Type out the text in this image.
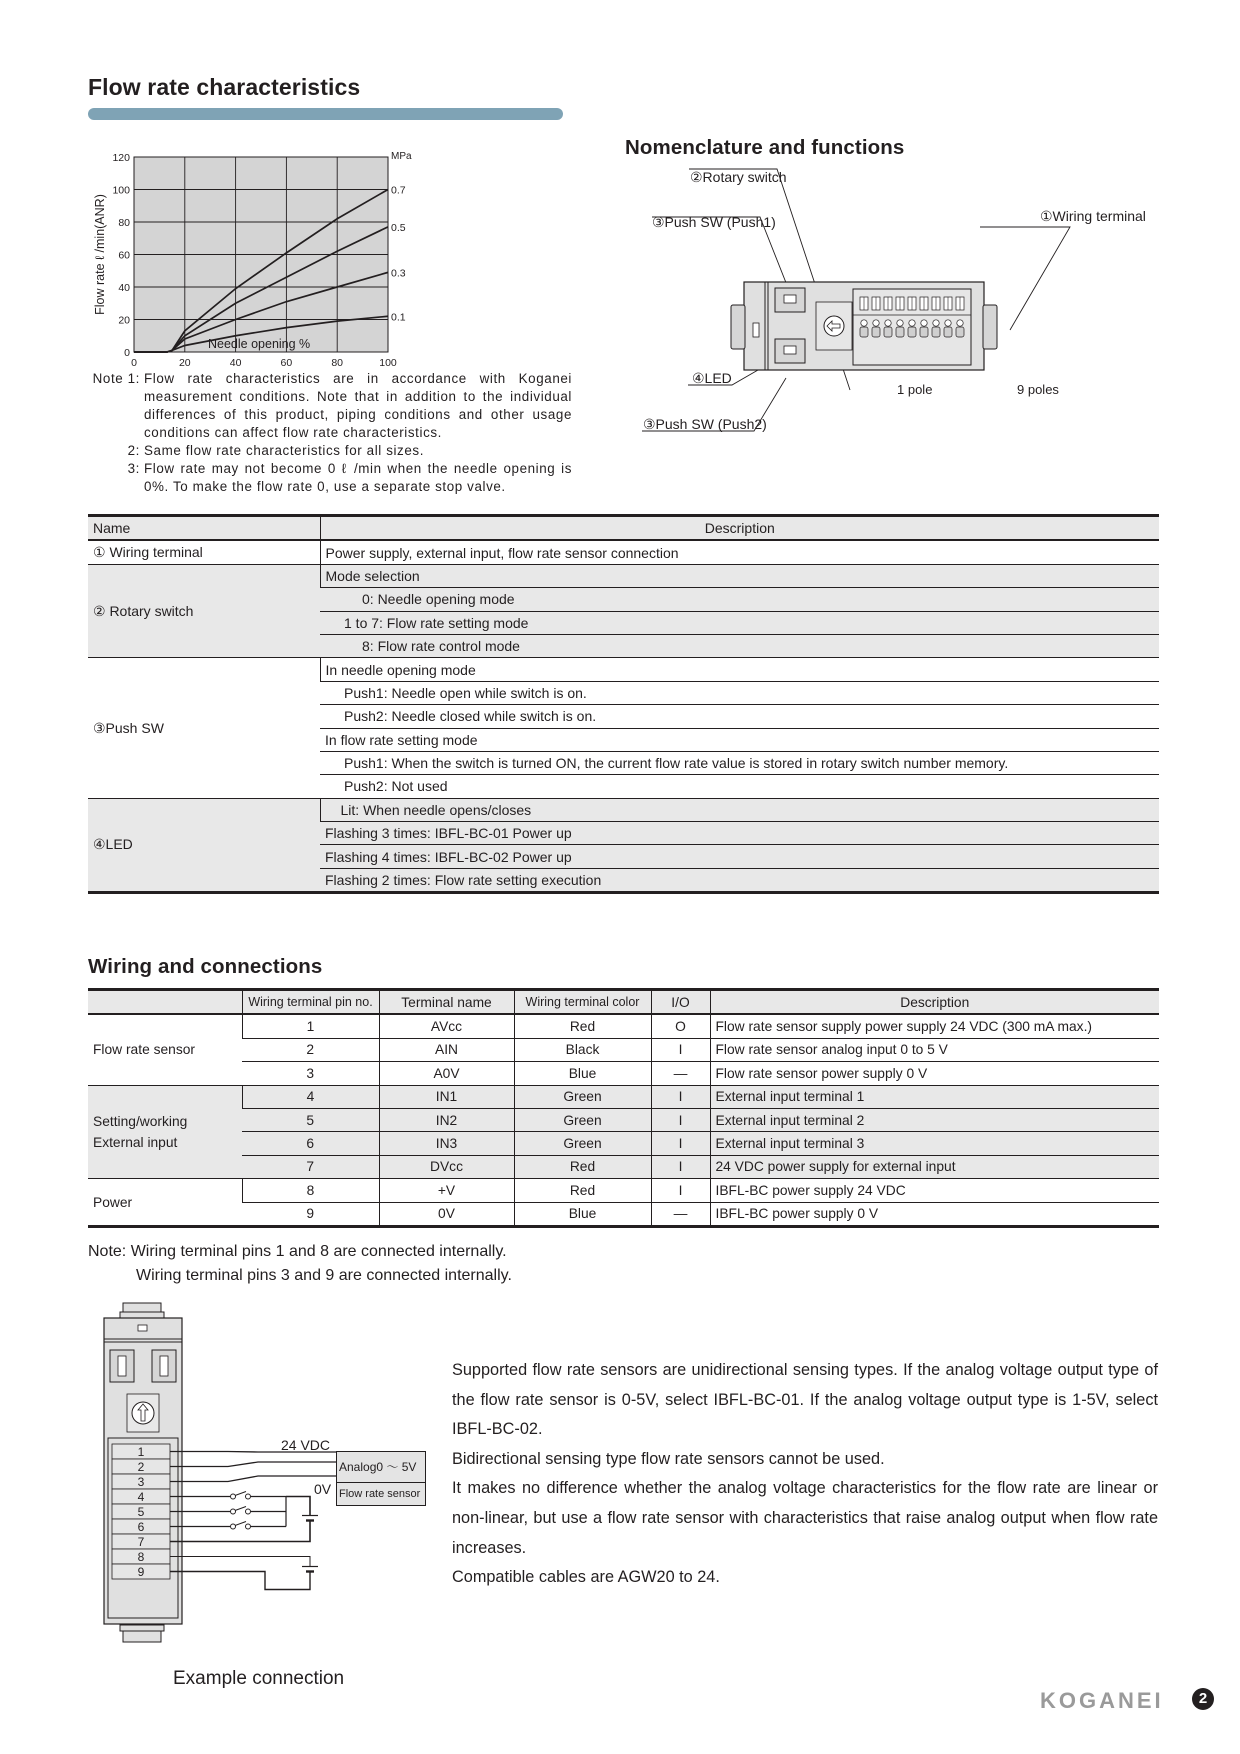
Flow rate characteristics
0	20	40	60	80	100
0
20
40
60
80
100
120
0.7
0.5
0.3
0.1
MPa
Flow rate ℓ /min(ANR)
Needle opening %
Note 1: Flow rate characteristics are in accordance with Koganei measurement conditions. Note that in addition to the individual differences of this product, piping conditions and other usage conditions can affect flow rate characteristics.
2: Same flow rate characteristics for all sizes.
3: Flow rate may not become 0 ℓ /min when the needle opening is 0%. To make the flow rate 0, use a separate stop valve.
Nomenclature and functions
②Rotary switch
③Push SW (Push1)	①Wiring terminal
④LED
③Push SW (Push2)
1 pole	9 poles
Name	Description
① Wiring terminal	Power supply, external input, flow rate sensor connection
② Rotary switch	Mode selection
	0: Needle opening mode
	1 to 7: Flow rate setting mode
	8: Flow rate control mode
③Push SW	In needle opening mode
	Push1: Needle open while switch is on.
	Push2: Needle closed while switch is on.
	In flow rate setting mode
	Push1: When the switch is turned ON, the current flow rate value is stored in rotary switch number memory.
	Push2: Not used
④LED	Lit: When needle opens/closes
	Flashing 3 times: IBFL-BC-01 Power up
	Flashing 4 times: IBFL-BC-02 Power up
	Flashing 2 times: Flow rate setting execution
Wiring and connections
	Wiring terminal pin no.	Terminal name	Wiring terminal color	I/O	Description

Flow rate sensor	1	AVcc	Red	O	Flow rate sensor supply power supply 24 VDC (300 mA max.)
	2	AIN	Black	I	Flow rate sensor analog input 0 to 5 V
	3	A0V	Blue	—	Flow rate sensor power supply 0 V

Setting/working
External input	4	IN1	Green	I	External input terminal 1
	5	IN2	Green	I	External input terminal 2
	6	IN3	Green	I	External input terminal 3
	7	DVcc	Red	I	24 VDC power supply for external input

Power	8	+V	Red	I	IBFL-BC power supply 24 VDC
	9	0V	Blue	—	IBFL-BC power supply 0 V
Note: Wiring terminal pins 1 and 8 are connected internally.
Wiring terminal pins 3 and 9 are connected internally.
1
2
3
4
5
6
7
8
9
24 VDC
0V
Analog0 ～ 5V
Flow rate sensor
Example connection

Supported flow rate sensors are unidirectional sensing types. If the analog voltage output type of the flow rate sensor is 0-5V, select IBFL-BC-01. If the analog voltage output type is 1-5V, select IBFL-BC-02.

Bidirectional sensing type flow rate sensors cannot be used.

It makes no difference whether the analog voltage characteristics for the flow rate are linear or non-linear, but use a flow rate sensor with characteristics that raise analog output when flow rate increases.

Compatible cables are AGW20 to 24.

KOGANEI	2
